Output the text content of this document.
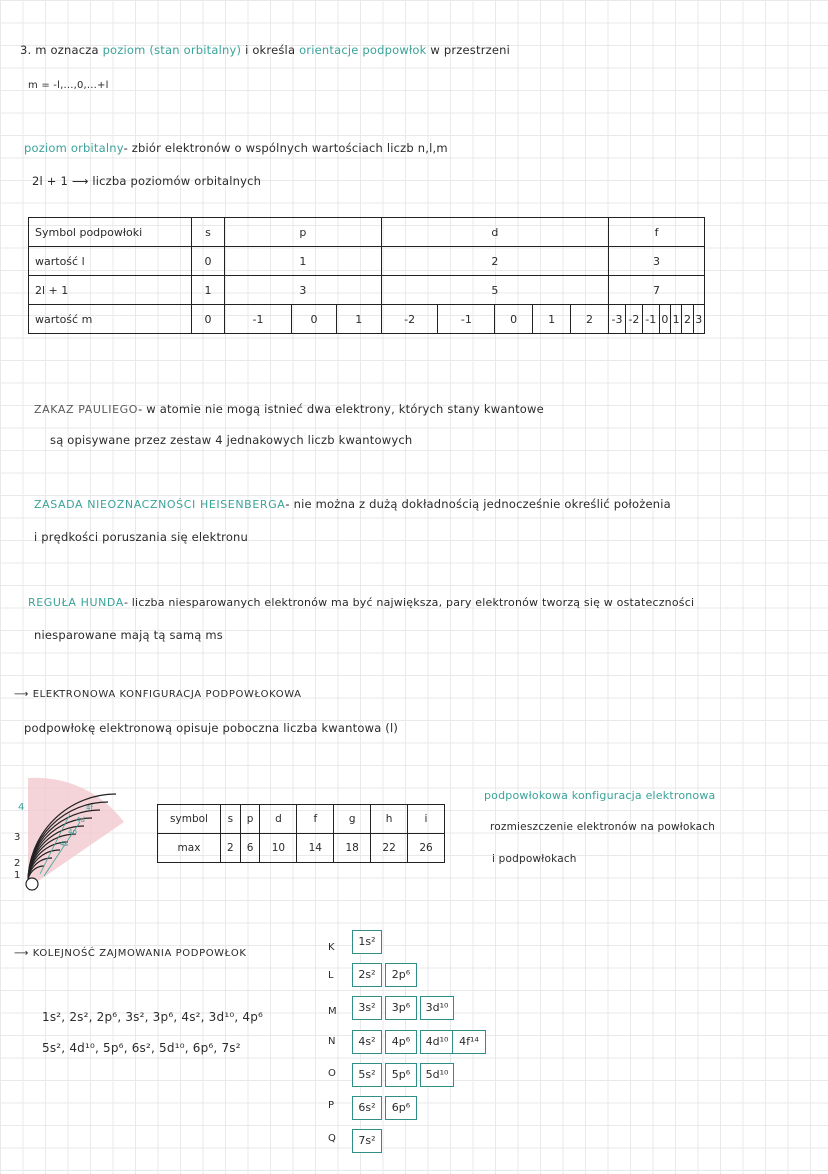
3. m oznacza poziom (stan orbitalny) i określa orientacje podpowłok w przestrzeni
m = -l,...,0,...+l
poziom orbitalny- zbiór elektronów o wspólnych wartościach liczb n,l,m
2l + 1 ⟶ liczba poziomów orbitalnych
Symbol podpowłoki	s	p			d					f						
wartość l	0	1			2					3						
2l + 1	1	3			5					7						
wartość m	0	-1	0	1	-2	-1	0	1	2	-3	-2	-1	0	1	2	3
ZAKAZ PAULIEGO- w atomie nie mogą istnieć dwa elektrony, których stany kwantowe
są opisywane przez zestaw 4 jednakowych liczb kwantowych
ZASADA NIEOZNACZNOŚCI HEISENBERGA- nie można z dużą dokładnością jednocześnie określić położenia
i prędkości poruszania się elektronu
REGUŁA HUNDA- liczba niesparowanych elektronów ma być największa, pary elektronów tworzą się w ostateczności
niesparowane mają tą samą ms
⟶ ELEKTRONOWA KONFIGURACJA PODPOWŁOKOWA
podpowłokę elektronową opisuje poboczna liczba kwantowa (l)
4
3
2
1
4f
4d
4p
4s
symbol	s	p	d	f	g	h	i
max	2	6	10	14	18	22	26
podpowłokowa konfiguracja elektronowa
rozmieszczenie elektronów na powłokach
i podpowłokach
⟶ KOLEJNOŚĆ ZAJMOWANIA PODPOWŁOK
1s², 2s², 2p⁶, 3s², 3p⁶, 4s², 3d¹⁰, 4p⁶
5s², 4d¹⁰, 5p⁶, 6s², 5d¹⁰, 6p⁶, 7s²
K
L
M
N
O
P
Q
1s²
2s²	2p⁶
3s²	3p⁶	3d¹⁰
4s²	4p⁶	4d¹⁰ 4f¹⁴
5s²	5p⁶	5d¹⁰
6s²	6p⁶
7s²
